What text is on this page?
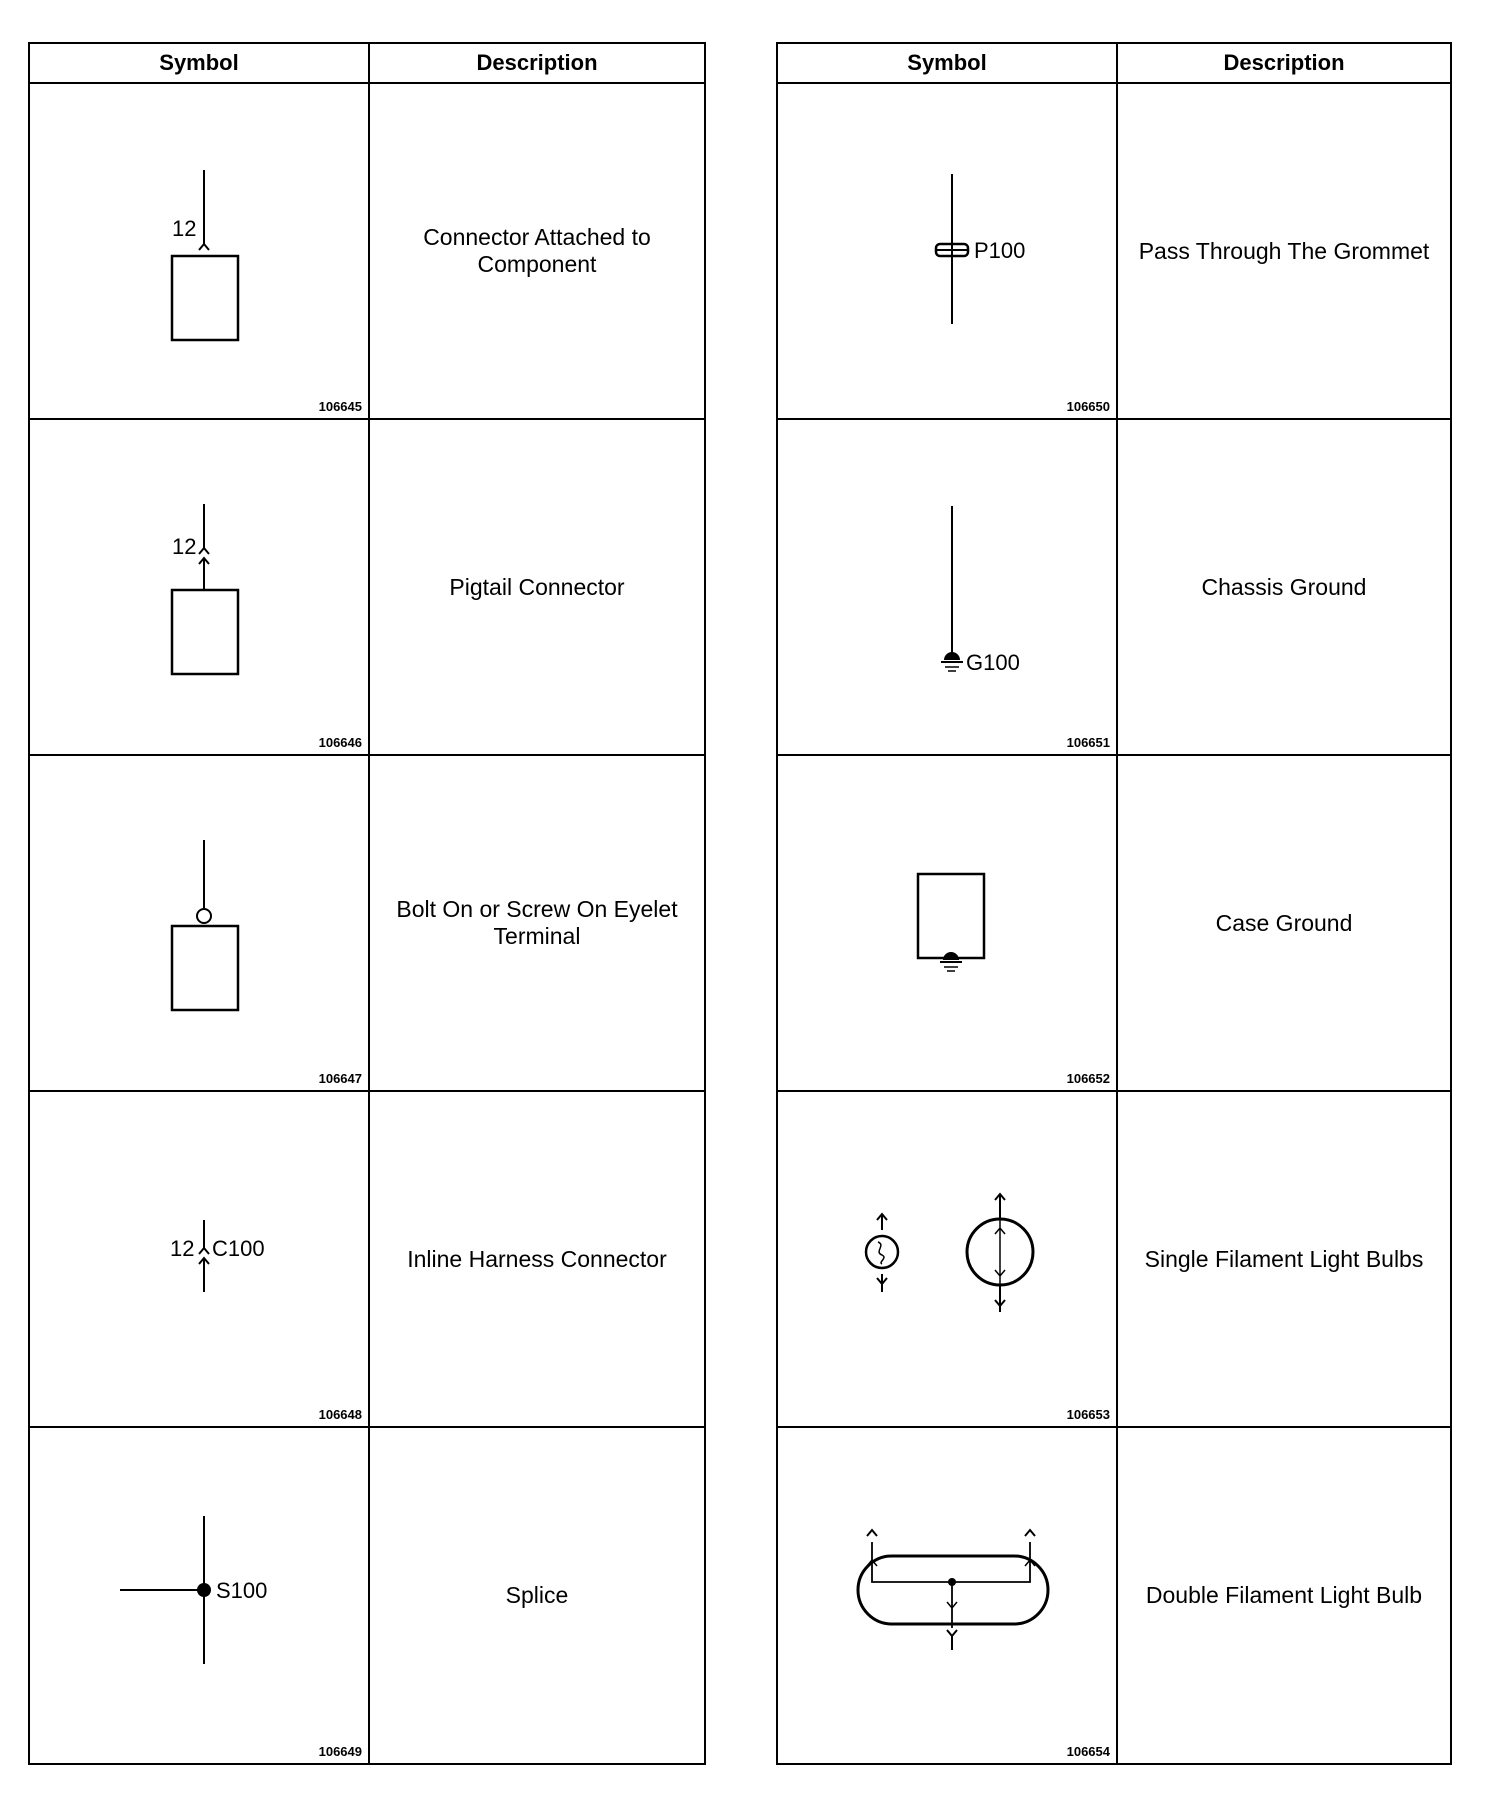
Symbol	Description
12
106645
Connector Attached to Component
12
106646
Pigtail Connector
106647
Bolt On or Screw On Eyelet Terminal
12 C100
106648
Inline Harness Connector
S100
106649
Splice
Symbol	Description
P100
106650
Pass Through The Grommet
G100
106651
Chassis Ground
106652
Case Ground
106653
Single Filament Light Bulbs
106654
Double Filament Light Bulb
